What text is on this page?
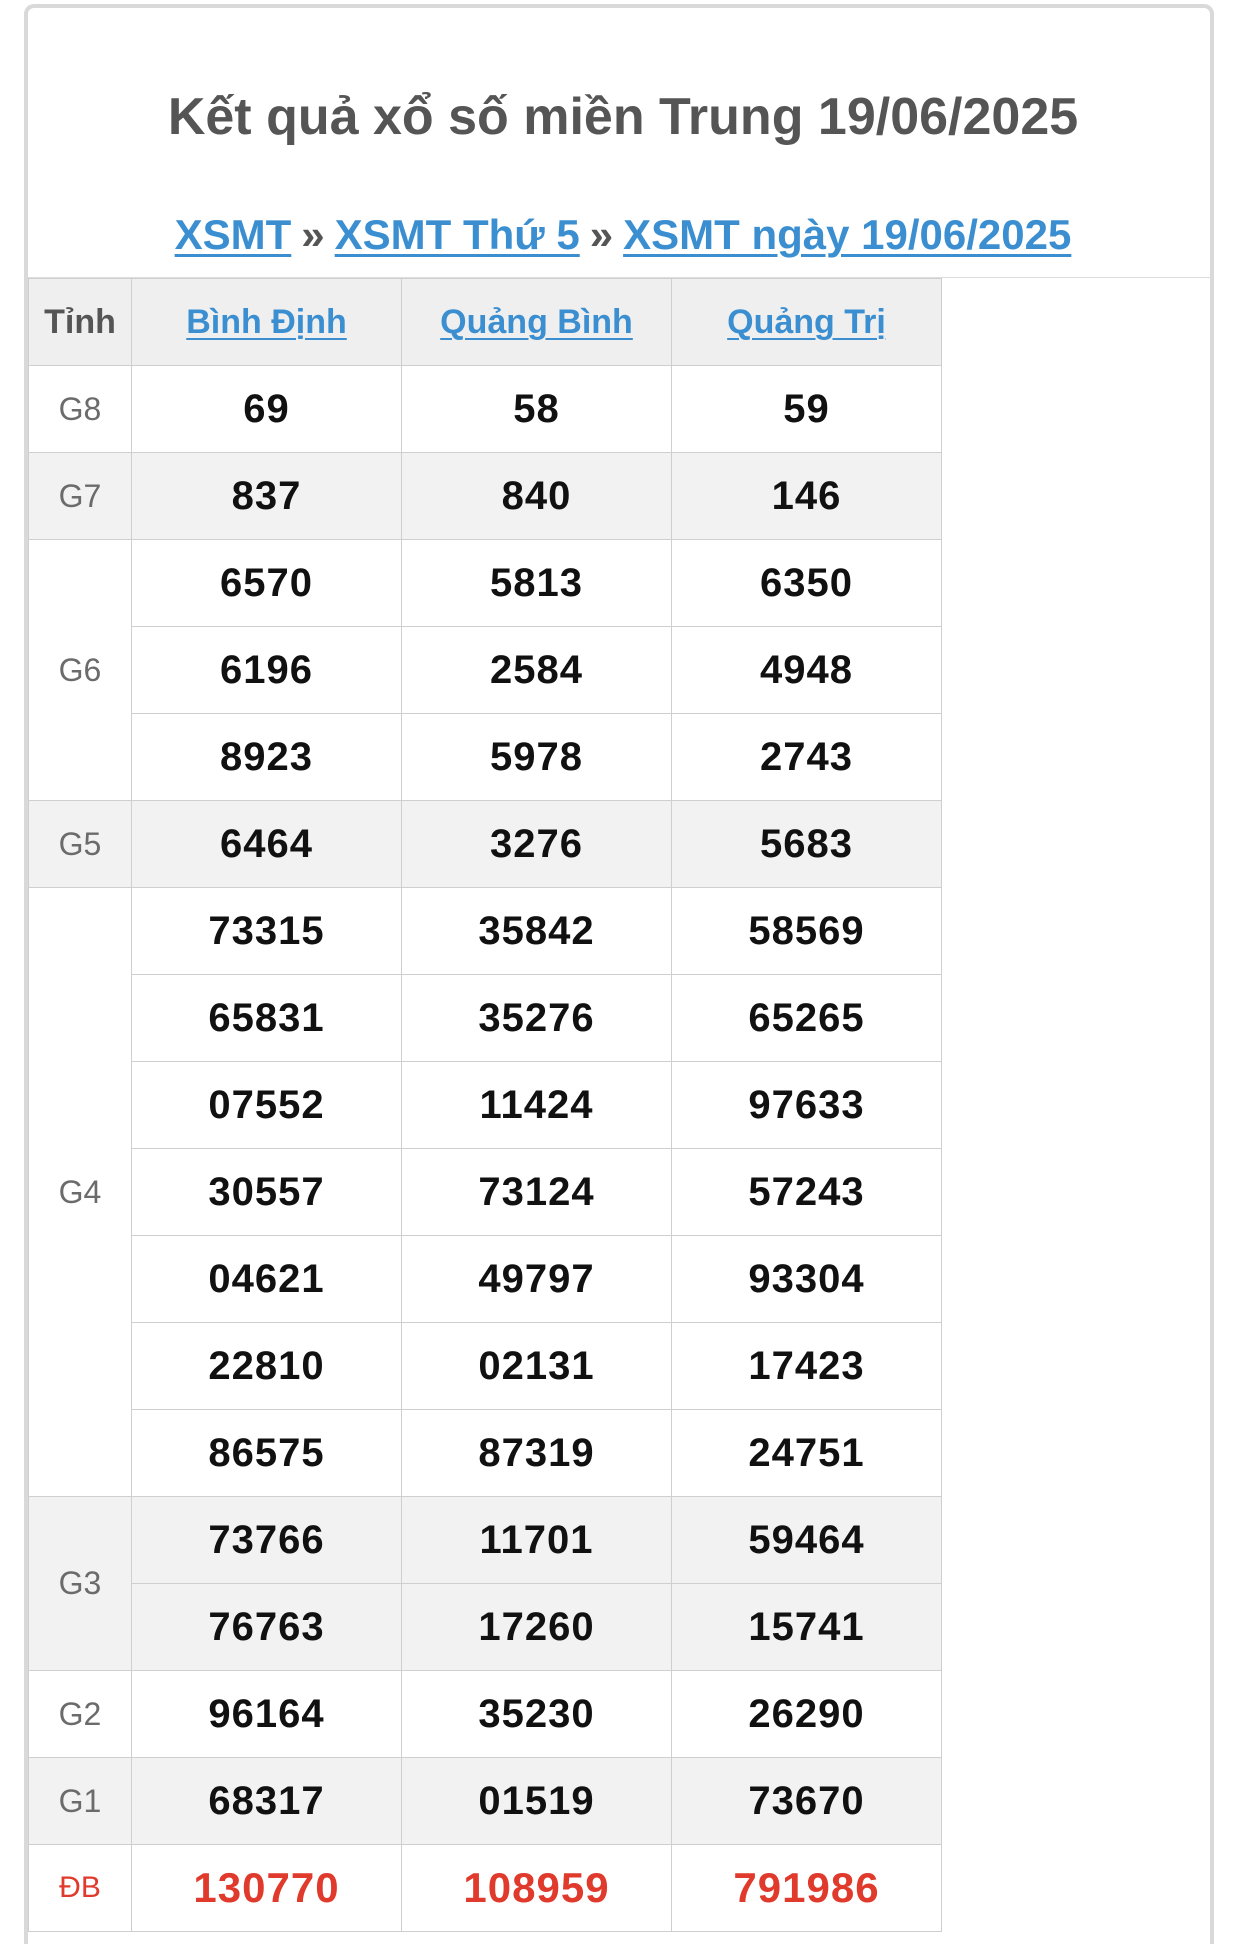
Kết quả xổ số miền Trung 19/06/2025
XSMT » XSMT Thứ 5 » XSMT ngày 19/06/2025
Tỉnh	Bình Định	Quảng Bình	Quảng Trị
G8	69	58	59
G7	837	840	146
G6	6570	5813	6350
	6196	2584	4948
	8923	5978	2743
G5	6464	3276	5683
G4	73315	35842	58569
	65831	35276	65265
	07552	11424	97633
	30557	73124	57243
	04621	49797	93304
	22810	02131	17423
	86575	87319	24751
G3	73766	11701	59464
	76763	17260	15741
G2	96164	35230	26290
G1	68317	01519	73670
ĐB	130770	108959	791986
